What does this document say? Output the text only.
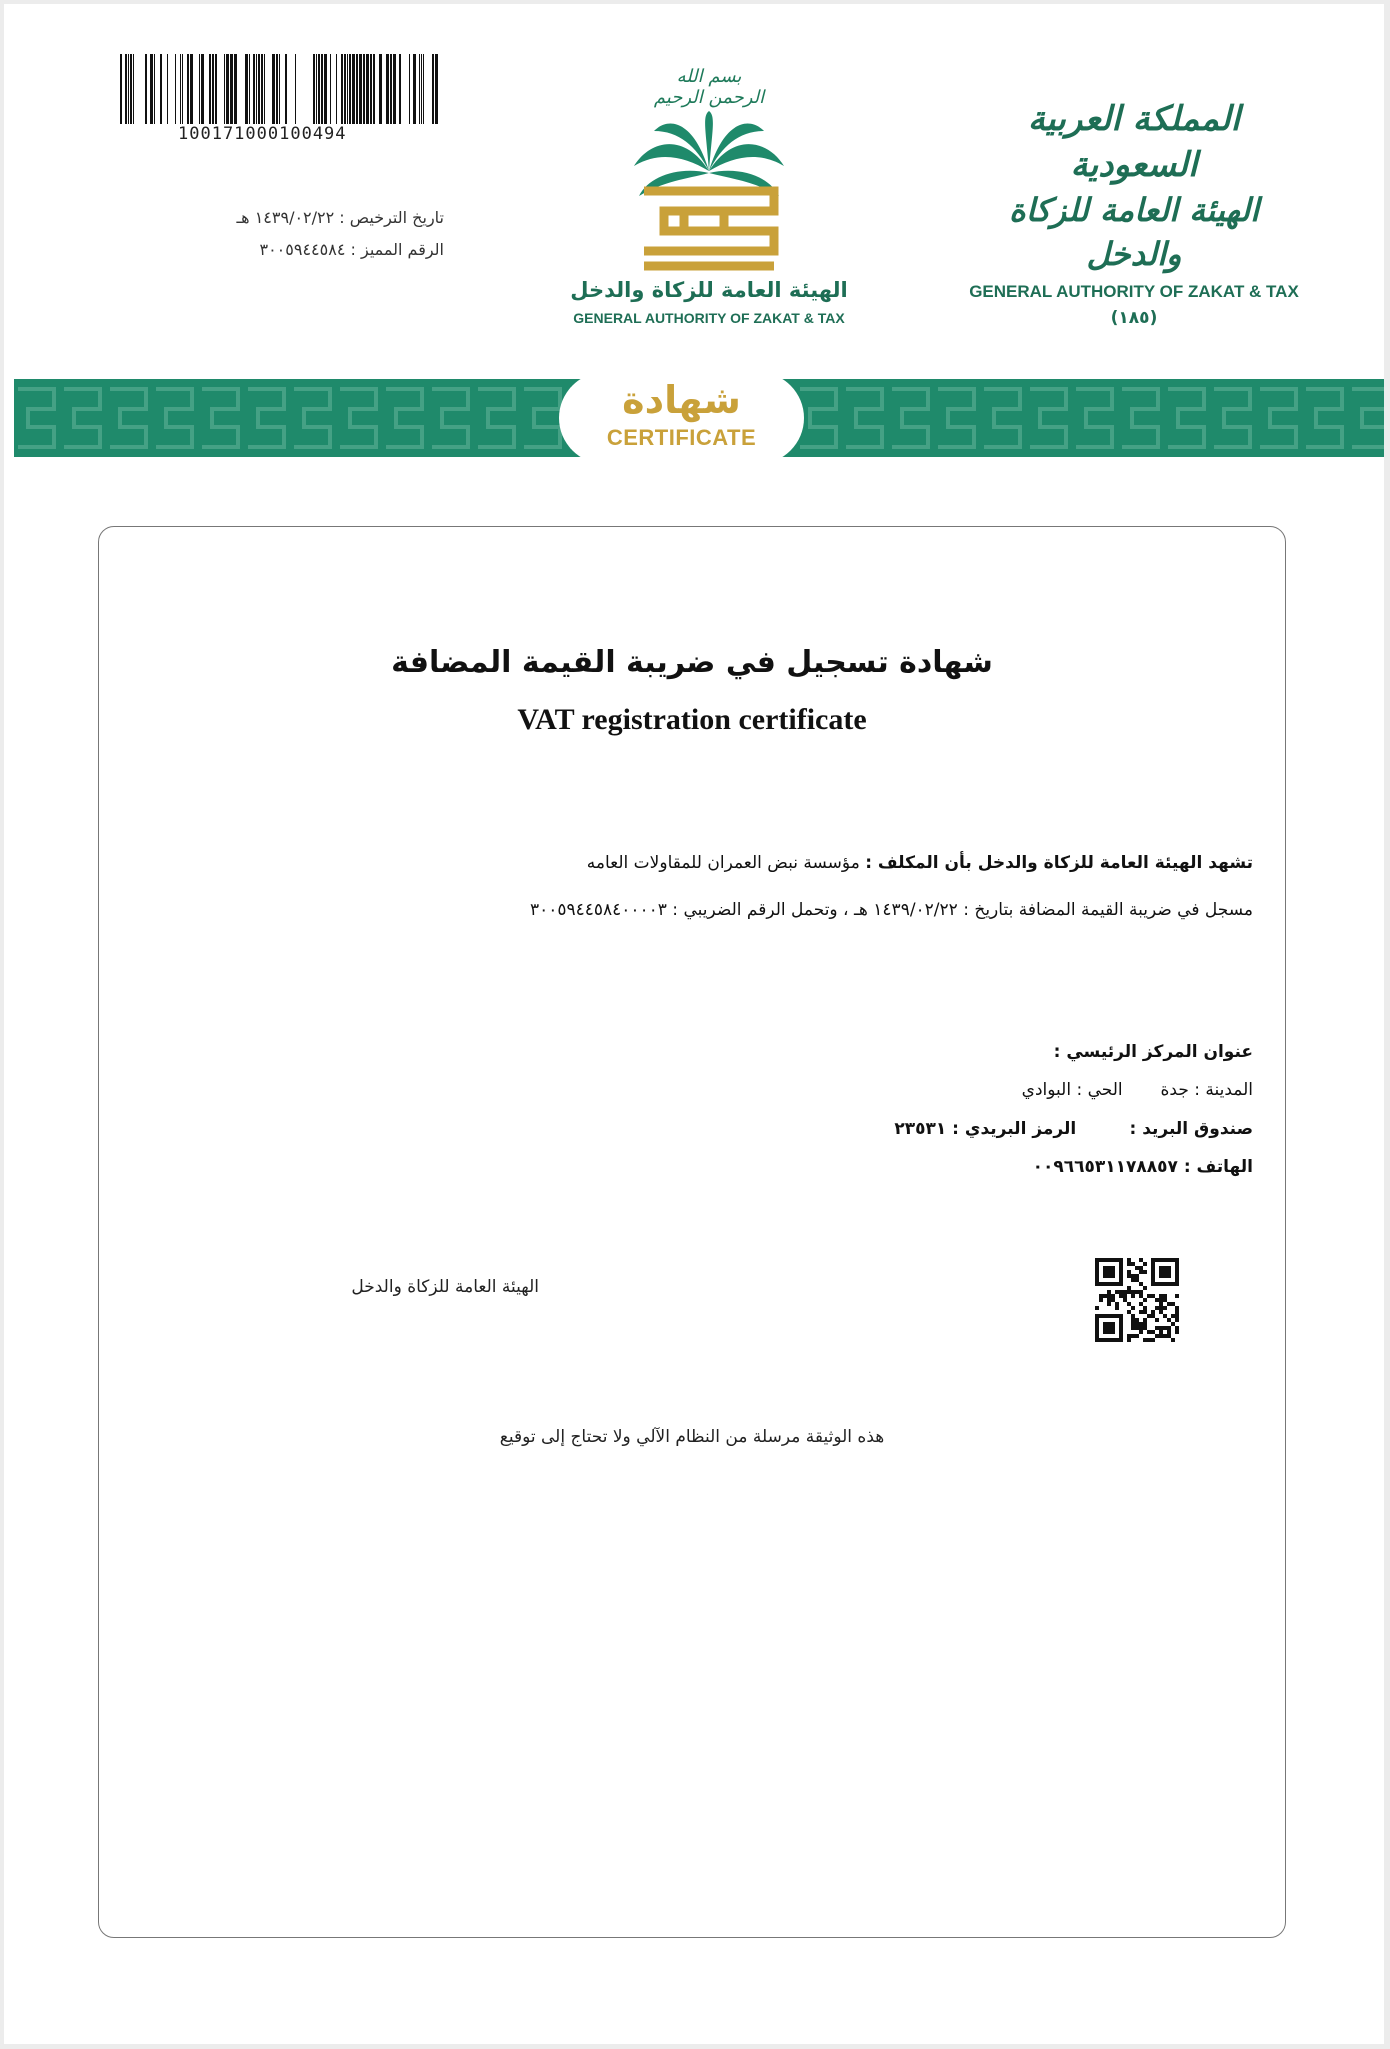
100171000100494
تاريخ الترخيص : ١٤٣٩/٠٢/٢٢ هـ
الرقم المميز : ٣٠٠٥٩٤٤٥٨٤
بسم الله الرحمن الرحيم
الهيئة العامة للزكاة والدخل
GENERAL AUTHORITY OF ZAKAT & TAX
المملكة العربية السعودية
الهيئة العامة للزكاة والدخل
GENERAL AUTHORITY OF ZAKAT & TAX
(١٨٥)
شهادة
CERTIFICATE
شهادة تسجيل في ضريبة القيمة المضافة
VAT registration certificate
تشهد الهيئة العامة للزكاة والدخل بأن المكلف : مؤسسة نبض العمران للمقاولات العامه
مسجل في ضريبة القيمة المضافة بتاريخ : ١٤٣٩/٠٢/٢٢ هـ ، وتحمل الرقم الضريبي : ٣٠٠٥٩٤٤٥٨٤٠٠٠٠٣
عنوان المركز الرئيسي :
المدينة : جدة       الحي : البوادي
صندوق البريد :         الرمز البريدي : ٢٣٥٣١
الهاتف : ٠٠٩٦٦٥٣١١٧٨٨٥٧
الهيئة العامة للزكاة والدخل
هذه الوثيقة مرسلة من النظام الآلي ولا تحتاج إلى توقيع
